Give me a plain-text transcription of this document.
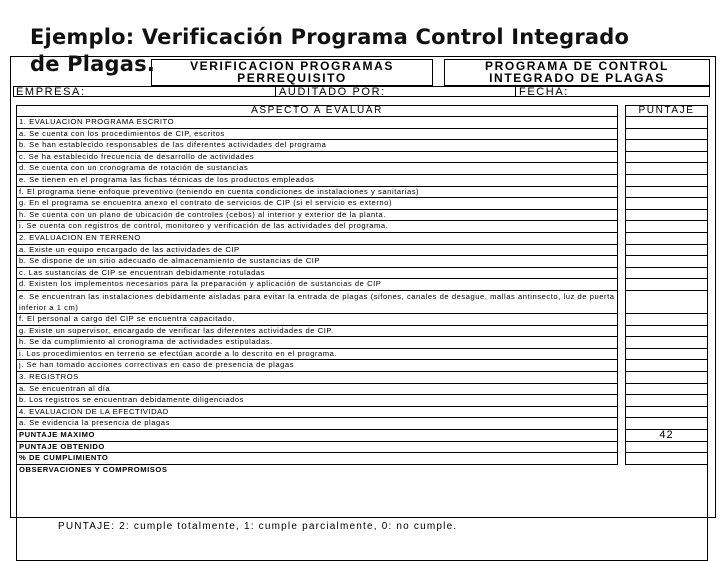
Ejemplo: Verificación Programa Control Integrado
de Plagas.	VERIFICACION PROGRAMAS
PERREQUISITO
PROGRAMA DE CONTROL
INTEGRADO DE PLAGAS
EMPRESA:	AUDITADO POR:	FECHA:
ASPECTO A EVALUAR	PUNTAJE
1. EVALUACION PROGRAMA ESCRITO
a. Se cuenta con los procedimientos de CIP, escritos
b. Se han establecido responsables de las diferentes actividades del programa
c. Se ha establecido frecuencia de desarrollo de actividades
d. Se cuenta con un cronograma de rotación de sustancias
e. Se tienen en el programa las fichas técnicas de los productos empleados
f. El programa tiene enfoque preventivo (teniendo en cuenta condiciones de instalaciones y sanitarias)
g. En el programa se encuentra anexo el contrato de servicios de CIP (si el servicio es externo)
h. Se cuenta con un plano de ubicación de controles (cebos) al interior y exterior de la planta.
i. Se cuenta con registros de control, monitoreo y verificación de las actividades del programa.
2. EVALUACION EN TERRENO
a. Existe un equipo encargado de las actividades de CIP
b. Se dispone de un sitio adecuado de almacenamiento de sustancias de CIP
c. Las sustancias de CIP se encuentran debidamente rotuladas
d. Existen los implementos necesarios para la preparación y aplicación de sustancias de CIP
e. Se encuentran las instalaciones debidamente aisladas para evitar la entrada de plagas (sifones, canales de desague, mallas antinsecto, luz de puerta inferior a 1 cm)
f. El personal a cargo del CIP se encuentra capacitado.
g. Existe un supervisor, encargado de verificar las diferentes actividades de CIP.
h. Se da cumplimiento al cronograma de actividades estipuladas.
i. Los procedimientos en terreno se efectúan acorde a lo descrito en el programa.
j. Se han tomado acciones correctivas en caso de presencia de plagas
3. REGISTROS
a. Se encuentran al día
b. Los registros se encuentran debidamente diligenciados
4. EVALUACION DE LA EFECTIVIDAD
a. Se evidencia la presencia de plagas
PUNTAJE MAXIMO	42
PUNTAJE OBTENIDO
% DE CUMPLIMIENTO
OBSERVACIONES Y COMPROMISOS
PUNTAJE: 2: cumple totalmente, 1: cumple parcialmente, 0: no cumple.
